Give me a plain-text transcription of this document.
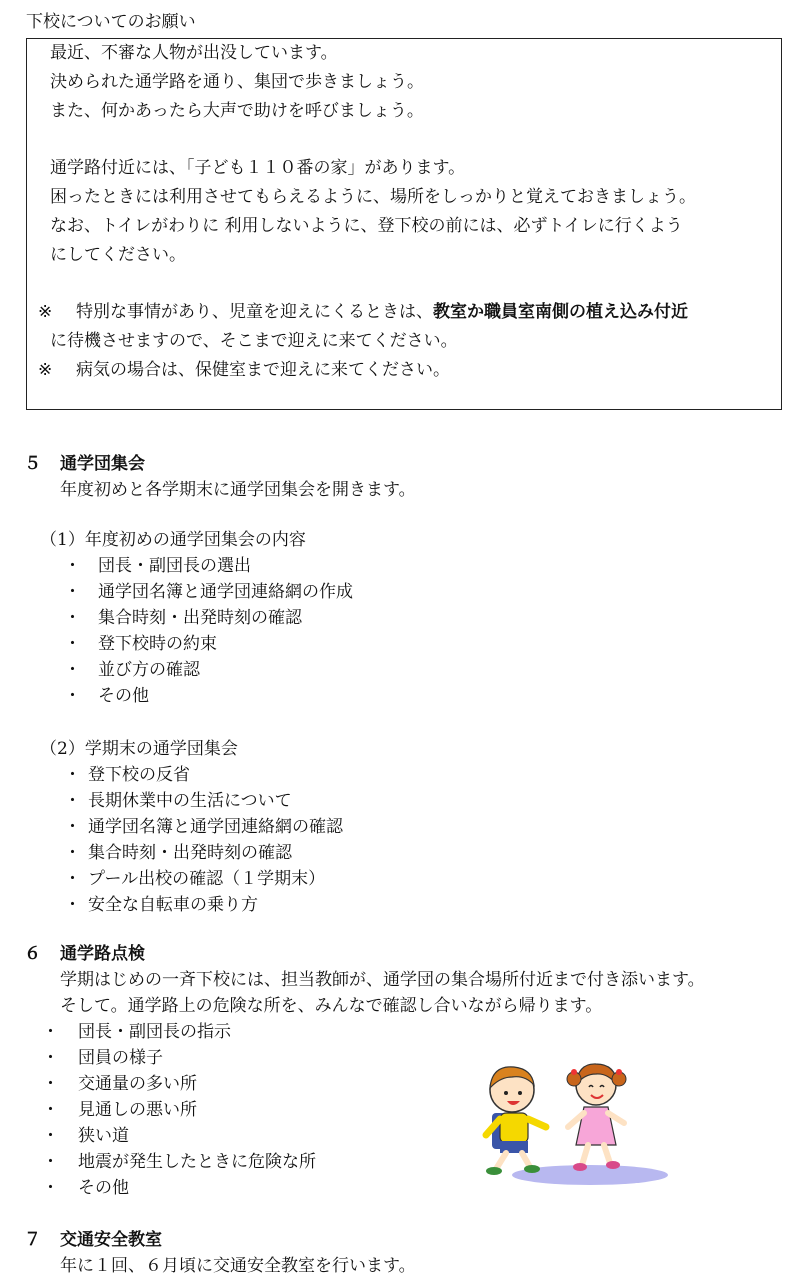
下校についてのお願い
最近、不審な人物が出没しています。
決められた通学路を通り、集団で歩きましょう。
また、何かあったら大声で助けを呼びましょう。
通学路付近には、「子ども１１０番の家」があります。
困ったときには利用させてもらえるように、場所をしっかりと覚えておきましょう。
なお、トイレがわりに 利用しないように、登下校の前には、必ずトイレに行くよう
にしてください。
※ 特別な事情があり、児童を迎えにくるときは、教室か職員室南側の植え込み付近
に待機させますので、そこまで迎えに来てください。
※ 病気の場合は、保健室まで迎えに来てください。
５ 通学団集会
年度初めと各学期末に通学団集会を開きます。
（1）年度初めの通学団集会の内容
・ 団長・副団長の選出
・ 通学団名簿と通学団連絡網の作成
・ 集合時刻・出発時刻の確認
・ 登下校時の約束
・ 並び方の確認
・ その他
（2）学期末の通学団集会
・ 登下校の反省
・ 長期休業中の生活について
・ 通学団名簿と通学団連絡網の確認
・ 集合時刻・出発時刻の確認
・ プール出校の確認（１学期末）
・ 安全な自転車の乗り方
６ 通学路点検
学期はじめの一斉下校には、担当教師が、通学団の集合場所付近まで付き添います。
そして。通学路上の危険な所を、みんなで確認し合いながら帰ります。
・ 団長・副団長の指示
・ 団員の様子
・ 交通量の多い所
・ 見通しの悪い所
・ 狭い道
・ 地震が発生したときに危険な所
・ その他
７ 交通安全教室
年に１回、６月頃に交通安全教室を行います。
